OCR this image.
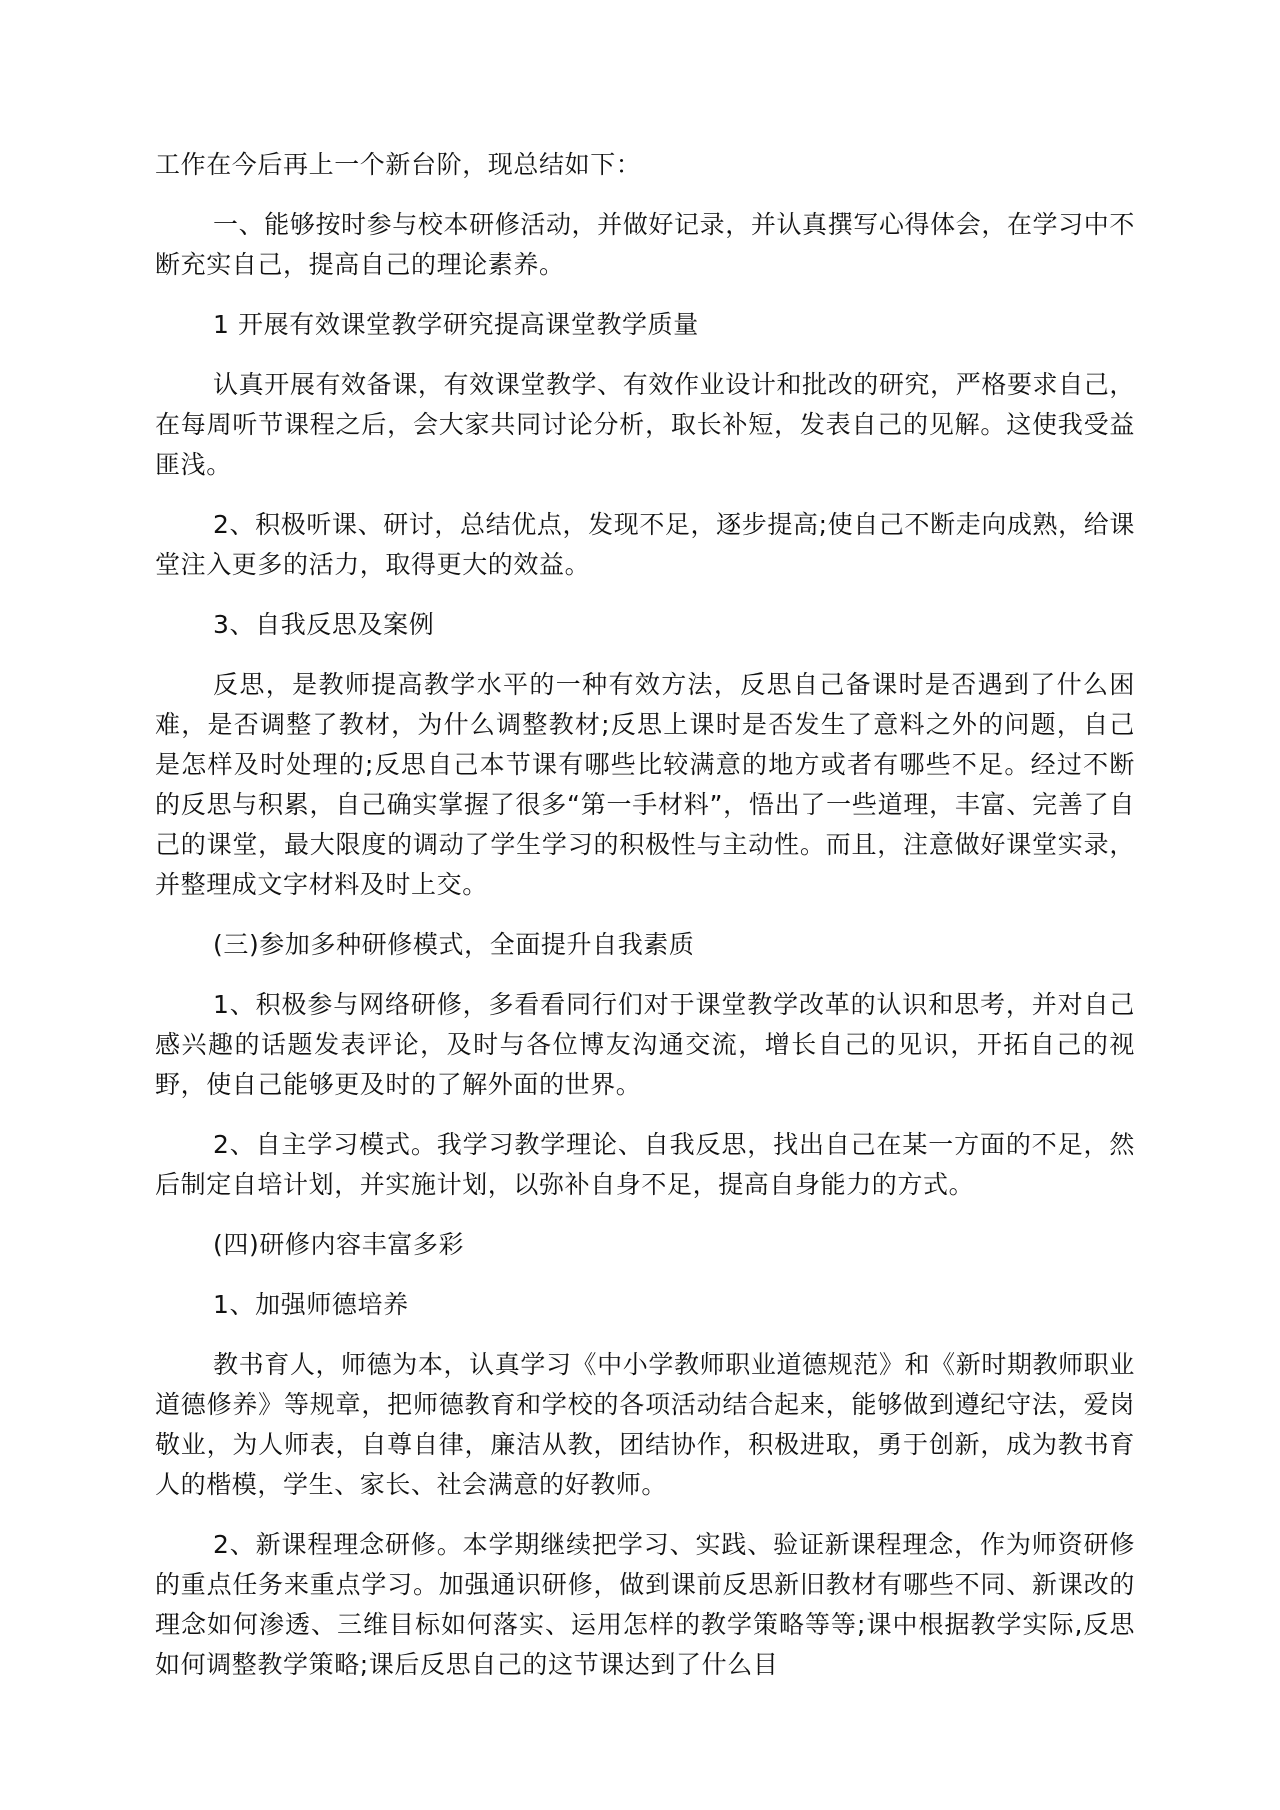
工作在今后再上一个新台阶，现总结如下：

一、能够按时参与校本研修活动，并做好记录，并认真撰写心得体会，在学习中不断充实自己，提高自己的理论素养。

1 开展有效课堂教学研究提高课堂教学质量

认真开展有效备课，有效课堂教学、有效作业设计和批改的研究，严格要求自己，在每周听节课程之后，会大家共同讨论分析，取长补短，发表自己的见解。这使我受益匪浅。

2、积极听课、研讨，总结优点，发现不足，逐步提高;使自己不断走向成熟，给课堂注入更多的活力，取得更大的效益。

3、自我反思及案例

反思，是教师提高教学水平的一种有效方法，反思自己备课时是否遇到了什么困难，是否调整了教材，为什么调整教材;反思上课时是否发生了意料之外的问题，自己是怎样及时处理的;反思自己本节课有哪些比较满意的地方或者有哪些不足。经过不断的反思与积累，自己确实掌握了很多“第一手材料”，悟出了一些道理，丰富、完善了自己的课堂，最大限度的调动了学生学习的积极性与主动性。而且，注意做好课堂实录，并整理成文字材料及时上交。

(三)参加多种研修模式，全面提升自我素质

1、积极参与网络研修，多看看同行们对于课堂教学改革的认识和思考，并对自己感兴趣的话题发表评论，及时与各位博友沟通交流，增长自己的见识，开拓自己的视野，使自己能够更及时的了解外面的世界。

2、自主学习模式。我学习教学理论、自我反思，找出自己在某一方面的不足，然后制定自培计划，并实施计划，以弥补自身不足，提高自身能力的方式。

(四)研修内容丰富多彩

1、加强师德培养

教书育人，师德为本，认真学习《中小学教师职业道德规范》和《新时期教师职业道德修养》等规章，把师德教育和学校的各项活动结合起来，能够做到遵纪守法，爱岗敬业，为人师表，自尊自律，廉洁从教，团结协作，积极进取，勇于创新，成为教书育人的楷模，学生、家长、社会满意的好教师。

2、新课程理念研修。本学期继续把学习、实践、验证新课程理念，作为师资研修的重点任务来重点学习。加强通识研修，做到课前反思新旧教材有哪些不同、新课改的理念如何渗透、三维目标如何落实、运用怎样的教学策略等等;课中根据教学实际,反思如何调整教学策略;课后反思自己的这节课达到了什么目
